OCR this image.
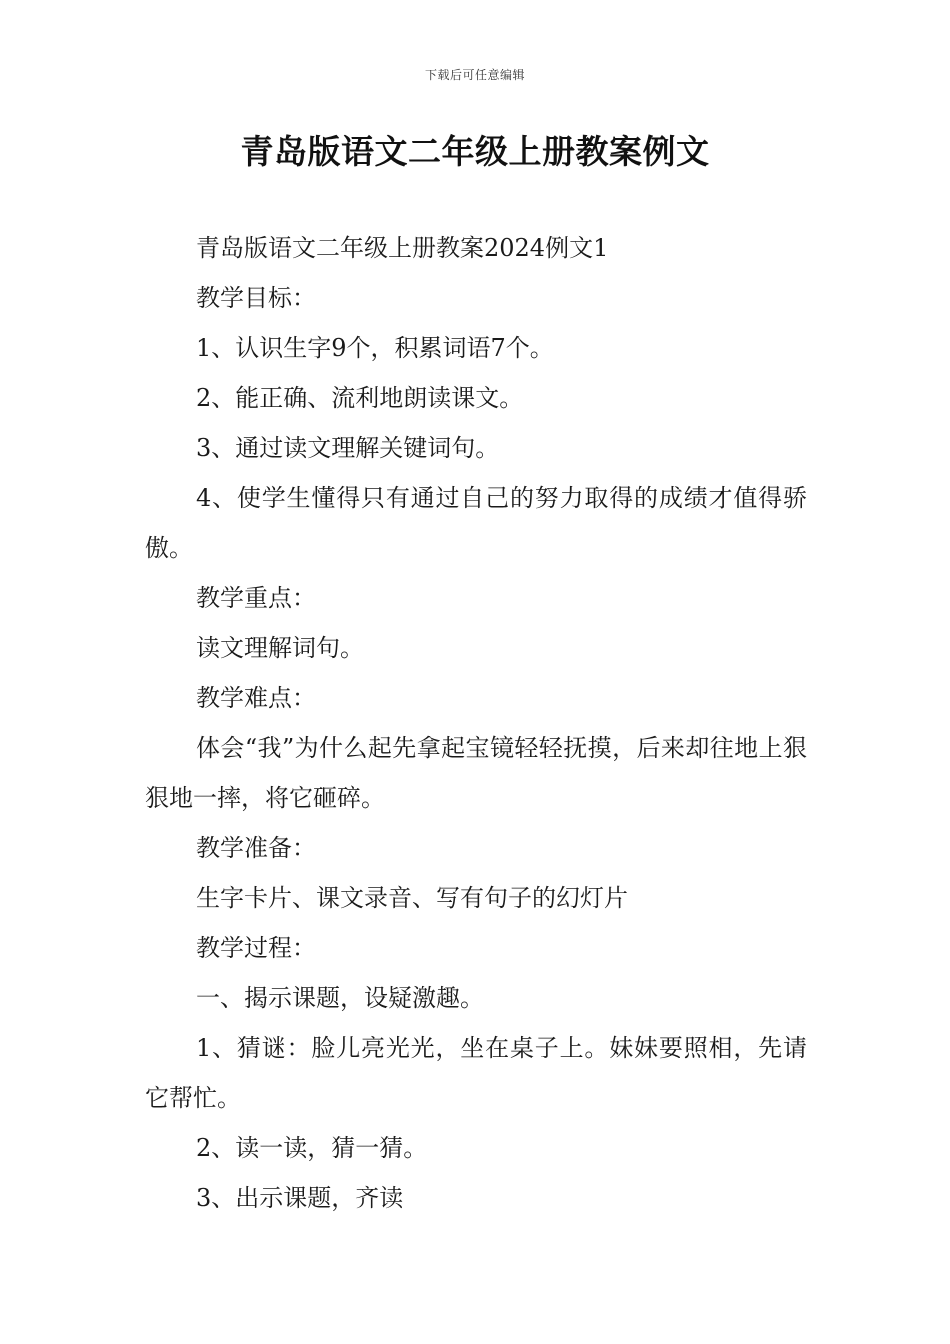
下载后可任意编辑
青岛版语文二年级上册教案例文

青岛版语文二年级上册教案2024例文1

教学目标：

1、认识生字9个，积累词语7个。

2、能正确、流利地朗读课文。

3、通过读文理解关键词句。

4、使学生懂得只有通过自己的努力取得的成绩才值得骄傲。

教学重点：

读文理解词句。

教学难点：

体会“我”为什么起先拿起宝镜轻轻抚摸，后来却往地上狠狠地一摔，将它砸碎。

教学准备：

生字卡片、课文录音、写有句子的幻灯片

教学过程：

一、揭示课题，设疑激趣。

1、猜谜：脸儿亮光光，坐在桌子上。妹妹要照相，先请它帮忙。

2、读一读，猜一猜。

3、出示课题，齐读
